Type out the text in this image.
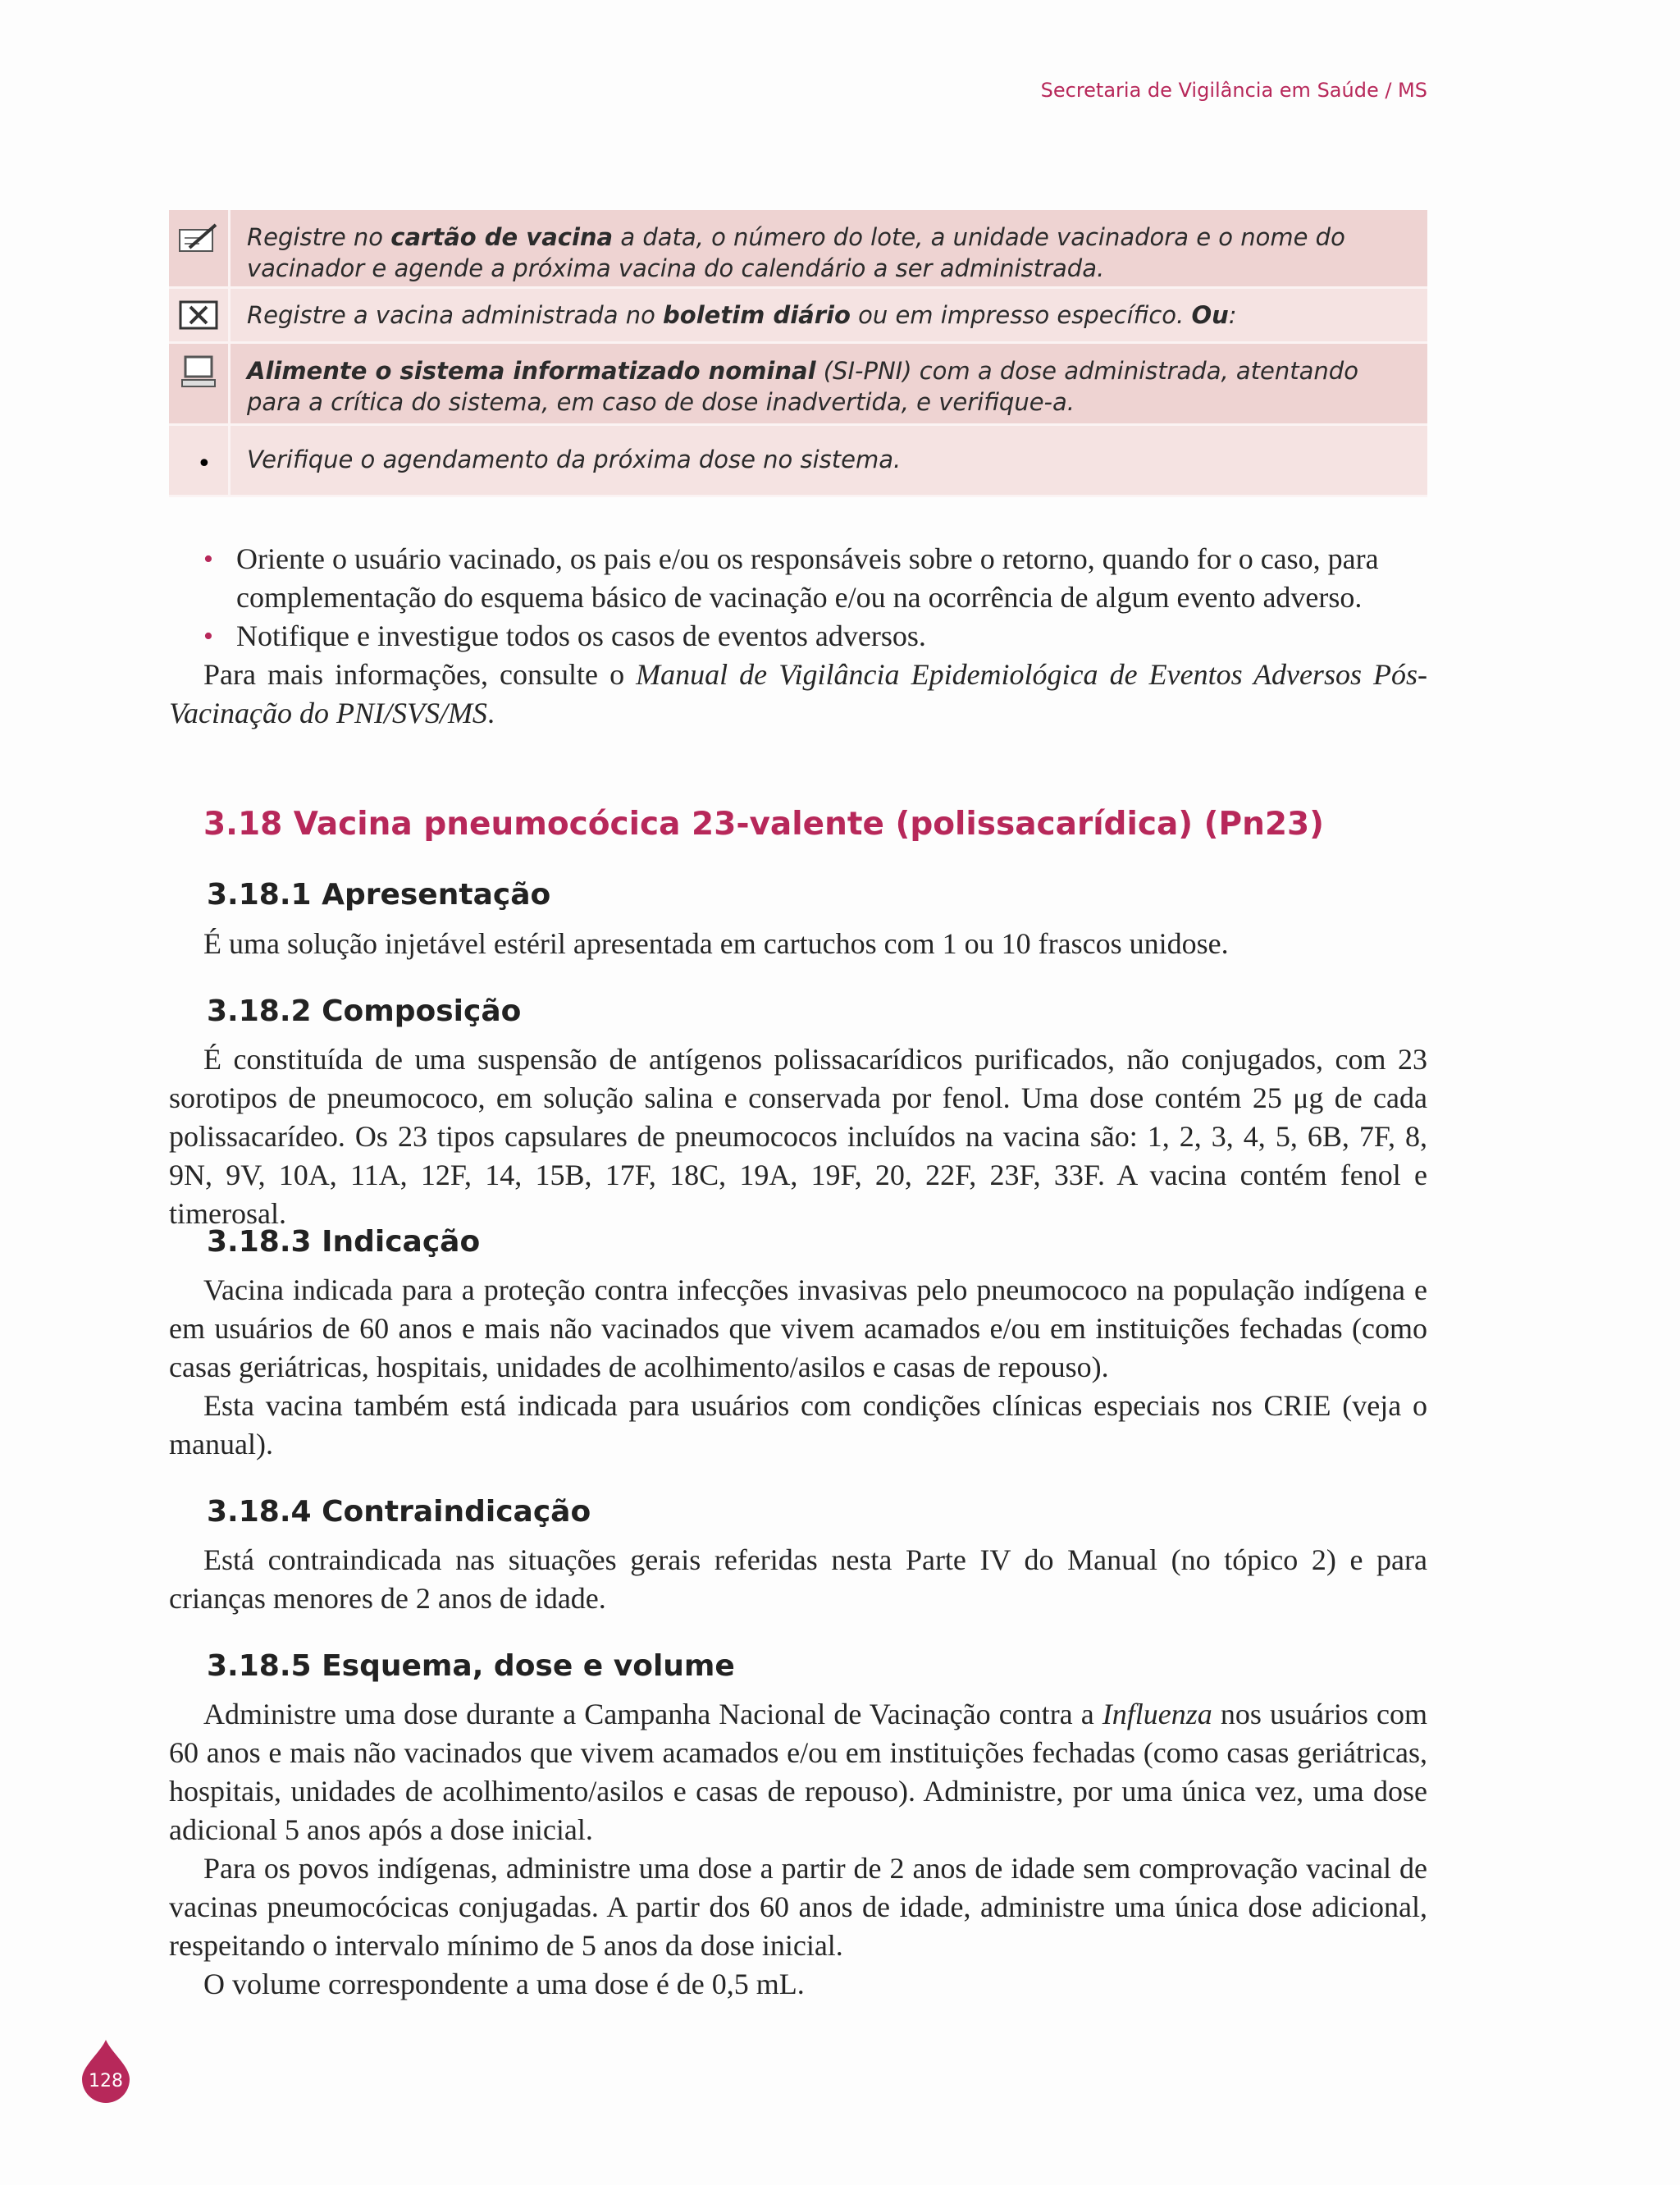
Secretaria de Vigilância em Saúde / MS
Registre no cartão de vacina a data, o número do lote, a unidade vacinadora e o nome do vacinador e agende a próxima vacina do calendário a ser administrada.
Registre a vacina administrada no boletim diário ou em impresso específico. Ou:
Alimente o sistema informatizado nominal (SI-PNI) com a dose administrada, atentando para a crítica do sistema, em caso de dose inadvertida, e verifique-a.
•	Verifique o agendamento da próxima dose no sistema.
• Oriente o usuário vacinado, os pais e/ou os responsáveis sobre o retorno, quando for o caso, para complementação do esquema básico de vacinação e/ou na ocorrência de algum evento adverso.
• Notifique e investigue todos os casos de eventos adversos.

Para mais informações, consulte o Manual de Vigilância Epidemiológica de Eventos Adversos Pós-Vacinação do PNI/SVS/MS.

3.18 Vacina pneumocócica 23-valente (polissacarídica) (Pn23)
3.18.1 Apresentação

É uma solução injetável estéril apresentada em cartuchos com 1 ou 10 frascos unidose.

3.18.2 Composição

É constituída de uma suspensão de antígenos polissacarídicos purificados, não conjugados, com 23 sorotipos de pneumococo, em solução salina e conservada por fenol. Uma dose contém 25 μg de cada polissacarídeo. Os 23 tipos capsulares de pneumococos incluídos na vacina são: 1, 2, 3, 4, 5, 6B, 7F, 8, 9N, 9V, 10A, 11A, 12F, 14, 15B, 17F, 18C, 19A, 19F, 20, 22F, 23F, 33F. A vacina contém fenol e timerosal.

3.18.3 Indicação

Vacina indicada para a proteção contra infecções invasivas pelo pneumococo na população indígena e em usuários de 60 anos e mais não vacinados que vivem acamados e/ou em instituições fechadas (como casas geriátricas, hospitais, unidades de acolhimento/asilos e casas de repouso).

Esta vacina também está indicada para usuários com condições clínicas especiais nos CRIE (veja o manual).

3.18.4 Contraindicação

Está contraindicada nas situações gerais referidas nesta Parte IV do Manual (no tópico 2) e para crianças menores de 2 anos de idade.

3.18.5 Esquema, dose e volume

Administre uma dose durante a Campanha Nacional de Vacinação contra a Influenza nos usuários com 60 anos e mais não vacinados que vivem acamados e/ou em instituições fechadas (como casas geriátricas, hospitais, unidades de acolhimento/asilos e casas de repouso). Administre, por uma única vez, uma dose adicional 5 anos após a dose inicial.

Para os povos indígenas, administre uma dose a partir de 2 anos de idade sem comprovação vacinal de vacinas pneumocócicas conjugadas. A partir dos 60 anos de idade, administre uma única dose adicional, respeitando o intervalo mínimo de 5 anos da dose inicial.

O volume correspondente a uma dose é de 0,5 mL.

128
